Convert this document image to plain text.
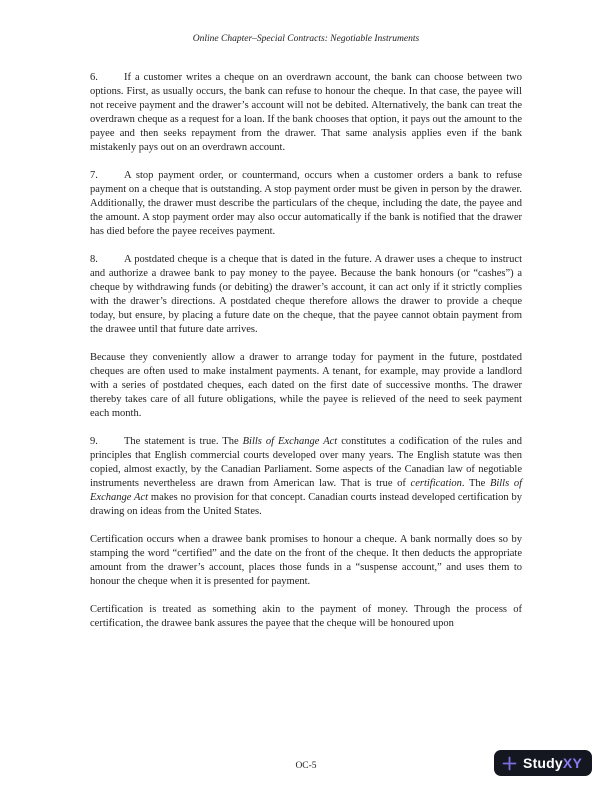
Online Chapter–Special Contracts: Negotiable Instruments

6. If a customer writes a cheque on an overdrawn account, the bank can choose between two options. First, as usually occurs, the bank can refuse to honour the cheque. In that case, the payee will not receive payment and the drawer’s account will not be debited. Alternatively, the bank can treat the overdrawn cheque as a request for a loan. If the bank chooses that option, it pays out the amount to the payee and then seeks repayment from the drawer. That same analysis applies even if the bank mistakenly pays out on an overdrawn account.

7. A stop payment order, or countermand, occurs when a customer orders a bank to refuse payment on a cheque that is outstanding. A stop payment order must be given in person by the drawer. Additionally, the drawer must describe the particulars of the cheque, including the date, the payee and the amount. A stop payment order may also occur automatically if the bank is notified that the drawer has died before the payee receives payment.

8. A postdated cheque is a cheque that is dated in the future. A drawer uses a cheque to instruct and authorize a drawee bank to pay money to the payee. Because the bank honours (or “cashes”) a cheque by withdrawing funds (or debiting) the drawer’s account, it can act only if it strictly complies with the drawer’s directions. A postdated cheque therefore allows the drawer to provide a cheque today, but ensure, by placing a future date on the cheque, that the payee cannot obtain payment from the drawee until that future date arrives.

Because they conveniently allow a drawer to arrange today for payment in the future, postdated cheques are often used to make instalment payments. A tenant, for example, may provide a landlord with a series of postdated cheques, each dated on the first date of successive months. The drawer thereby takes care of all future obligations, while the payee is relieved of the need to seek payment each month.

9. The statement is true. The Bills of Exchange Act constitutes a codification of the rules and principles that English commercial courts developed over many years. The English statute was then copied, almost exactly, by the Canadian Parliament. Some aspects of the Canadian law of negotiable instruments nevertheless are drawn from American law. That is true of certification. The Bills of Exchange Act makes no provision for that concept. Canadian courts instead developed certification by drawing on ideas from the United States.

Certification occurs when a drawee bank promises to honour a cheque. A bank normally does so by stamping the word “certified” and the date on the front of the cheque. It then deducts the appropriate amount from the drawer’s account, places those funds in a “suspense account,” and uses them to honour the cheque when it is presented for payment.

Certification is treated as something akin to the payment of money. Through the process of certification, the drawee bank assures the payee that the cheque will be honoured upon

OC-5	StudyXY
